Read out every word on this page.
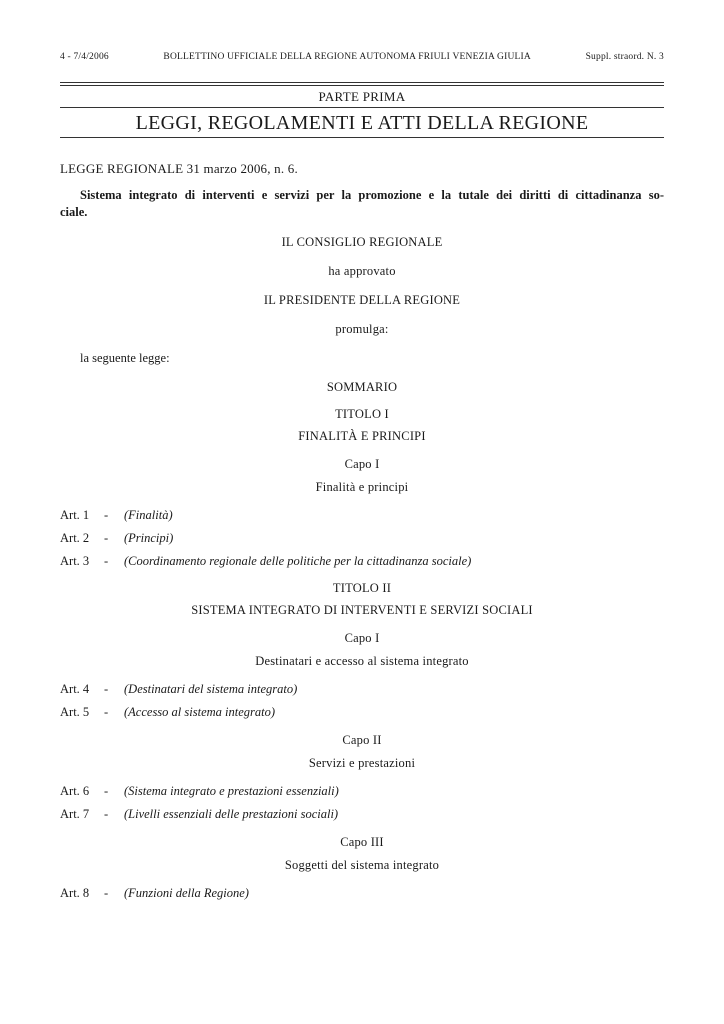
4 - 7/4/2006	BOLLETTINO UFFICIALE DELLA REGIONE AUTONOMA FRIULI VENEZIA GIULIA	Suppl. straord. N. 3
PARTE PRIMA
LEGGI, REGOLAMENTI E ATTI DELLA REGIONE
LEGGE REGIONALE 31 marzo 2006, n. 6.
Sistema integrato di interventi e servizi per la promozione e la tutale dei diritti di cittadinanza so-
ciale.
IL CONSIGLIO REGIONALE
ha approvato
IL PRESIDENTE DELLA REGIONE
promulga:
la seguente legge:
SOMMARIO
TITOLO I
FINALITÀ E PRINCIPI
Capo I
Finalità e principi
Art. 1	-	(Finalità)
Art. 2	-	(Principi)
Art. 3	-	(Coordinamento regionale delle politiche per la cittadinanza sociale)
TITOLO II
SISTEMA INTEGRATO DI INTERVENTI E SERVIZI SOCIALI
Capo I
Destinatari e accesso al sistema integrato
Art. 4	-	(Destinatari del sistema integrato)
Art. 5	-	(Accesso al sistema integrato)
Capo II
Servizi e prestazioni
Art. 6	-	(Sistema integrato e prestazioni essenziali)
Art. 7	-	(Livelli essenziali delle prestazioni sociali)
Capo III
Soggetti del sistema integrato
Art. 8	-	(Funzioni della Regione)
